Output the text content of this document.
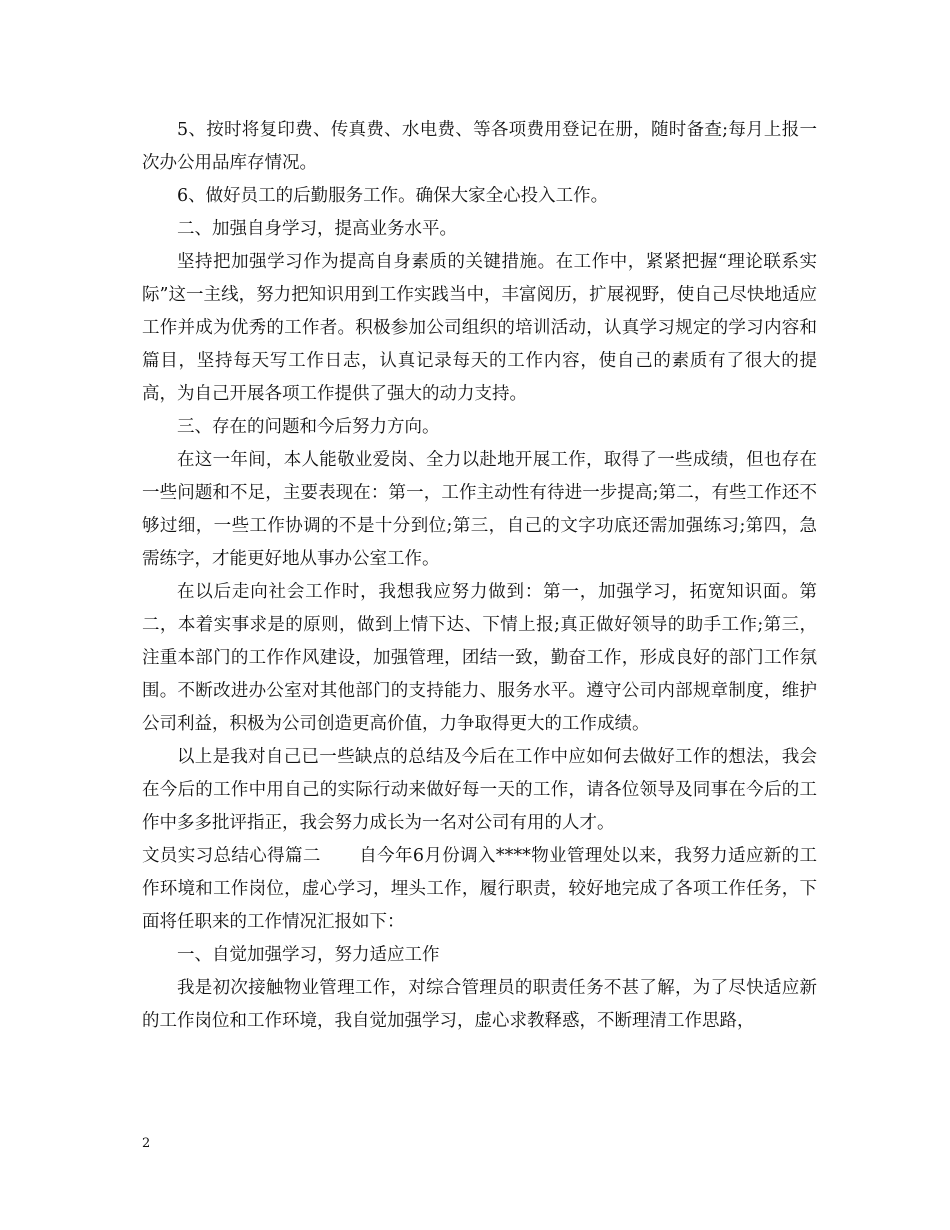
5、按时将复印费、传真费、水电费、等各项费用登记在册，随时备查;每月上报一次办公用品库存情况。

6、做好员工的后勤服务工作。确保大家全心投入工作。

二、加强自身学习，提高业务水平。

坚持把加强学习作为提高自身素质的关键措施。在工作中，紧紧把握“理论联系实际”这一主线，努力把知识用到工作实践当中，丰富阅历，扩展视野，使自己尽快地适应工作并成为优秀的工作者。积极参加公司组织的培训活动，认真学习规定的学习内容和篇目，坚持每天写工作日志，认真记录每天的工作内容，使自己的素质有了很大的提高，为自己开展各项工作提供了强大的动力支持。

三、存在的问题和今后努力方向。

在这一年间，本人能敬业爱岗、全力以赴地开展工作，取得了一些成绩，但也存在一些问题和不足，主要表现在：第一，工作主动性有待进一步提高;第二，有些工作还不够过细，一些工作协调的不是十分到位;第三，自己的文字功底还需加强练习;第四，急需练字，才能更好地从事办公室工作。

在以后走向社会工作时，我想我应努力做到：第一，加强学习，拓宽知识面。第二，本着实事求是的原则，做到上情下达、下情上报;真正做好领导的助手工作;第三，注重本部门的工作作风建设，加强管理，团结一致，勤奋工作，形成良好的部门工作氛围。不断改进办公室对其他部门的支持能力、服务水平。遵守公司内部规章制度，维护公司利益，积极为公司创造更高价值，力争取得更大的工作成绩。

以上是我对自己已一些缺点的总结及今后在工作中应如何去做好工作的想法，我会在今后的工作中用自己的实际行动来做好每一天的工作，请各位领导及同事在今后的工作中多多批评指正，我会努力成长为一名对公司有用的人才。

文员实习总结心得篇二 自今年6月份调入****物业管理处以来，我努力适应新的工作环境和工作岗位，虚心学习，埋头工作，履行职责，较好地完成了各项工作任务，下面将任职来的工作情况汇报如下：

一、自觉加强学习，努力适应工作

我是初次接触物业管理工作，对综合管理员的职责任务不甚了解，为了尽快适应新的工作岗位和工作环境，我自觉加强学习，虚心求教释惑，不断理清工作思路，

2
